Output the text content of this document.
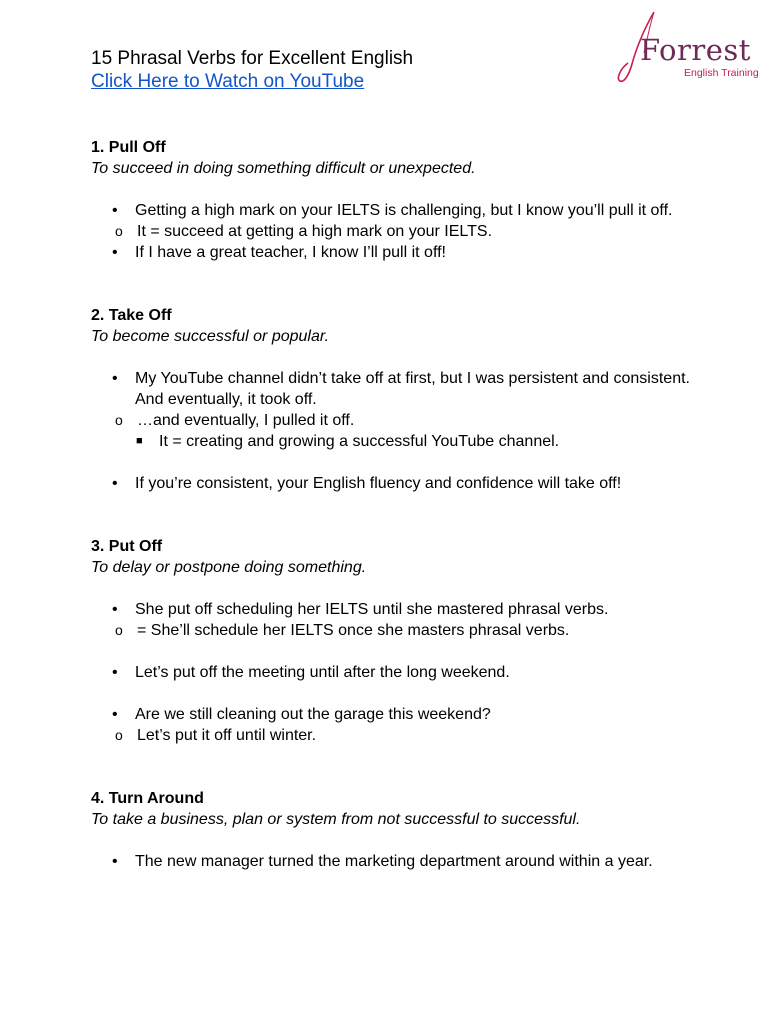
15 Phrasal Verbs for Excellent English
Click Here to Watch on YouTube
Forrest
English Training
1. Pull Off
To succeed in doing something difficult or unexpected.
• Getting a high mark on your IELTS is challenging, but I know you’ll pull it off.
o It = succeed at getting a high mark on your IELTS.
• If I have a great teacher, I know I’ll pull it off!
2. Take Off
To become successful or popular.
• My YouTube channel didn’t take off at first, but I was persistent and consistent. And eventually, it took off.
o …and eventually, I pulled it off.
■ It = creating and growing a successful YouTube channel.
• If you’re consistent, your English fluency and confidence will take off!
3. Put Off
To delay or postpone doing something.
• She put off scheduling her IELTS until she mastered phrasal verbs.
o = She’ll schedule her IELTS once she masters phrasal verbs.
• Let’s put off the meeting until after the long weekend.
• Are we still cleaning out the garage this weekend?
o Let’s put it off until winter.
4. Turn Around
To take a business, plan or system from not successful to successful.
• The new manager turned the marketing department around within a year.
